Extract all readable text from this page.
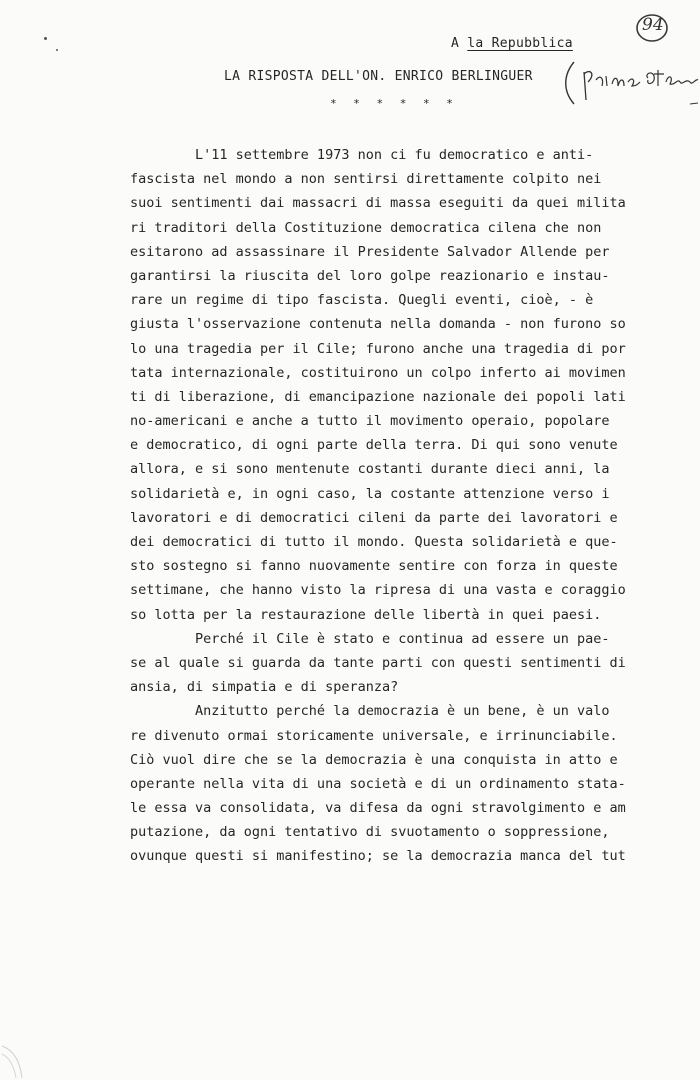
94
A la Repubblica
LA RISPOSTA DELL'ON. ENRICO BERLINGUER
* * * * * *
L'11 settembre 1973 non ci fu democratico e anti-
fascista nel mondo a non sentirsi direttamente colpito nei
suoi sentimenti dai massacri di massa eseguiti da quei milita
ri traditori della Costituzione democratica cilena che non
esitarono ad assassinare il Presidente Salvador Allende per
garantirsi la riuscita del loro golpe reazionario e instau-
rare un regime di tipo fascista. Quegli eventi, cioè, - è
giusta l'osservazione contenuta nella domanda - non furono so
lo una tragedia per il Cile; furono anche una tragedia di por
tata internazionale, costituirono un colpo inferto ai movimen
ti di liberazione, di emancipazione nazionale dei popoli lati
no-americani e anche a tutto il movimento operaio, popolare
e democratico, di ogni parte della terra. Di qui sono venute
allora, e si sono mentenute costanti durante dieci anni, la
solidarietà e, in ogni caso, la costante attenzione verso i
lavoratori e di democratici cileni da parte dei lavoratori e
dei democratici di tutto il mondo. Questa solidarietà e que-
sto sostegno si fanno nuovamente sentire con forza in queste
settimane, che hanno visto la ripresa di una vasta e coraggio
so lotta per la restaurazione delle libertà in quei paesi.
Perché il Cile è stato e continua ad essere un pae-
se al quale si guarda da tante parti con questi sentimenti di
ansia, di simpatia e di speranza?
Anzitutto perché la democrazia è un bene, è un valo
re divenuto ormai storicamente universale, e irrinunciabile.
Ciò vuol dire che se la democrazia è una conquista in atto e
operante nella vita di una società e di un ordinamento stata-
le essa va consolidata, va difesa da ogni stravolgimento e am
putazione, da ogni tentativo di svuotamento o soppressione,
ovunque questi si manifestino; se la democrazia manca del tut
